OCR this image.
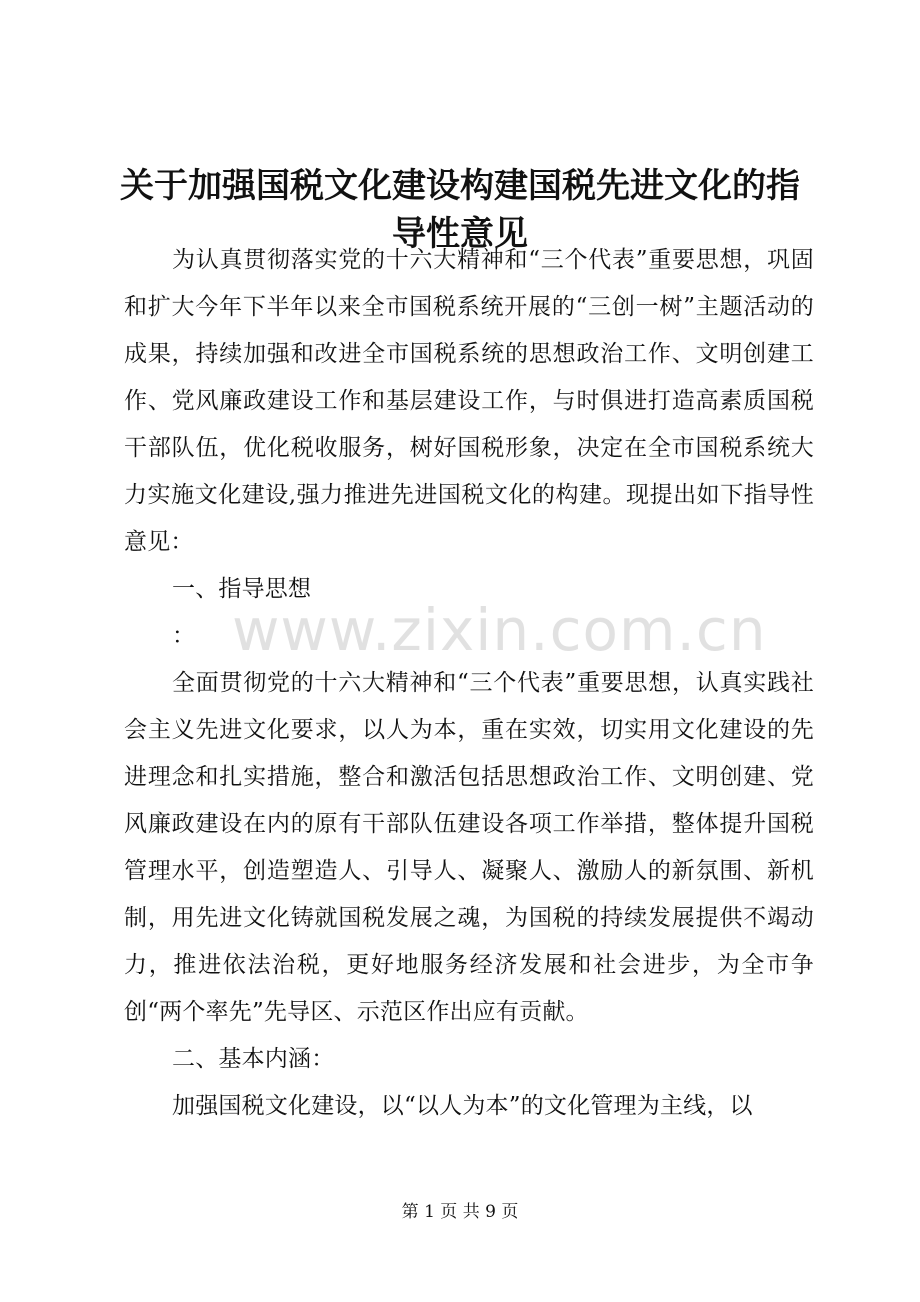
关于加强国税文化建设构建国税先进文化的指导性意见

为认真贯彻落实党的十六大精神和“三个代表”重要思想，巩固和扩大今年下半年以来全市国税系统开展的“三创一树”主题活动的成果，持续加强和改进全市国税系统的思想政治工作、文明创建工作、党风廉政建设工作和基层建设工作，与时俱进打造高素质国税干部队伍，优化税收服务，树好国税形象，决定在全市国税系统大力实施文化建设,强力推进先进国税文化的构建。现提出如下指导性意见：

一、指导思想

：

全面贯彻党的十六大精神和“三个代表”重要思想，认真实践社会主义先进文化要求，以人为本，重在实效，切实用文化建设的先进理念和扎实措施，整合和激活包括思想政治工作、文明创建、党风廉政建设在内的原有干部队伍建设各项工作举措，整体提升国税管理水平，创造塑造人、引导人、凝聚人、激励人的新氛围、新机制，用先进文化铸就国税发展之魂，为国税的持续发展提供不竭动力，推进依法治税，更好地服务经济发展和社会进步，为全市争创“两个率先”先导区、示范区作出应有贡献。

二、基本内涵：

加强国税文化建设，以“以人为本”的文化管理为主线，以

www.zixin.com.cn
第 1 页 共 9 页
